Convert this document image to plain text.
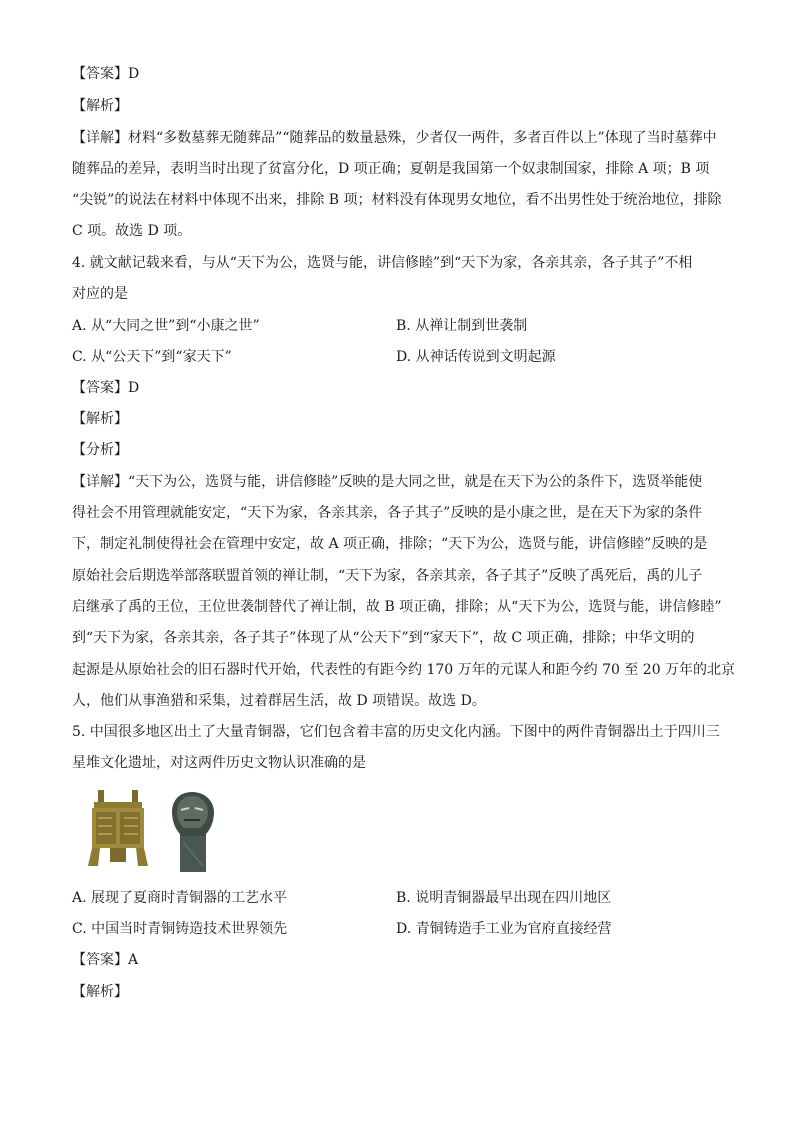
【答案】D
【解析】
【详解】材料“多数墓葬无随葬品”“随葬品的数量悬殊，少者仅一两件，多者百件以上”体现了当时墓葬中
随葬品的差异，表明当时出现了贫富分化，D 项正确；夏朝是我国第一个奴隶制国家，排除 A 项；B 项
“尖锐”的说法在材料中体现不出来，排除 B 项；材料没有体现男女地位，看不出男性处于统治地位，排除
C 项。故选 D 项。
4. 就文献记载来看，与从“天下为公，选贤与能，讲信修睦”到“天下为家，各亲其亲，各子其子”不相
对应的是
A. 从“大同之世”到“小康之世”	B. 从禅让制到世袭制
C. 从“公天下”到“家天下”	D. 从神话传说到文明起源
【答案】D
【解析】
【分析】
【详解】“天下为公，选贤与能，讲信修睦”反映的是大同之世，就是在天下为公的条件下，选贤举能使
得社会不用管理就能安定，“天下为家，各亲其亲，各子其子”反映的是小康之世，是在天下为家的条件
下，制定礼制使得社会在管理中安定，故 A 项正确，排除；“天下为公，选贤与能，讲信修睦”反映的是
原始社会后期选举部落联盟首领的禅让制，“天下为家，各亲其亲，各子其子”反映了禹死后，禹的儿子
启继承了禹的王位，王位世袭制替代了禅让制，故 B 项正确，排除；从“天下为公，选贤与能，讲信修睦”
到“天下为家，各亲其亲，各子其子”体现了从“公天下”到“家天下”，故 C 项正确，排除；中华文明的
起源是从原始社会的旧石器时代开始，代表性的有距今约 170 万年的元谋人和距今约 70 至 20 万年的北京
人，他们从事渔猎和采集，过着群居生活，故 D 项错误。故选 D。
5. 中国很多地区出土了大量青铜器，它们包含着丰富的历史文化内涵。下图中的两件青铜器出土于四川三
星堆文化遗址，对这两件历史文物认识准确的是
A. 展现了夏商时青铜器的工艺水平	B. 说明青铜器最早出现在四川地区
C. 中国当时青铜铸造技术世界领先	D. 青铜铸造手工业为官府直接经营
【答案】A
【解析】
